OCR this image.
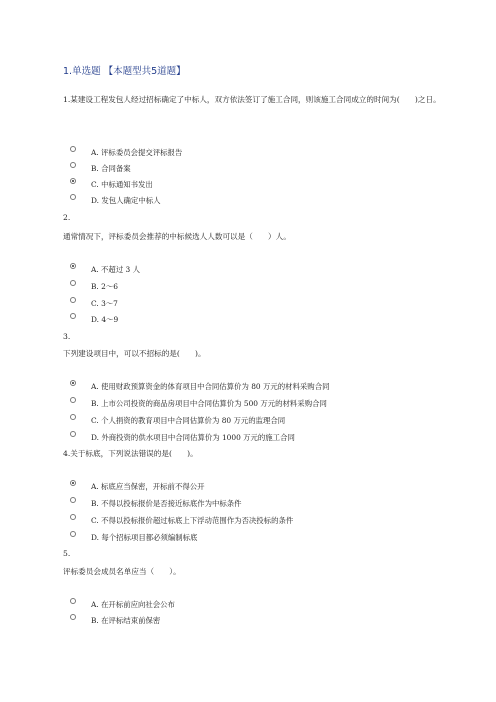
1.单选题 【本题型共5道题】
1.某建设工程发包人经过招标确定了中标人，双方依法签订了施工合同，则该施工合同成立的时间为(　　)之日。
A. 评标委员会提交评标报告
B. 合同备案
C. 中标通知书发出
D. 发包人确定中标人
2.
通常情况下，评标委员会推荐的中标候选人人数可以是（　　）人。
A. 不超过 3 人
B. 2～6
C. 3～7
D. 4～9
3.
下列建设项目中，可以不招标的是(　　)。
A. 使用财政预算资金的体育项目中合同估算价为 80 万元的材料采购合同
B. 上市公司投资的商品房项目中合同估算价为 500 万元的材料采购合同
C. 个人捐资的教育项目中合同估算价为 80 万元的监理合同
D. 外商投资的供水项目中合同估算价为 1000 万元的施工合同
4.关于标底，下列说法错误的是(　　)。
A. 标底应当保密，开标前不得公开
B. 不得以投标报价是否接近标底作为中标条件
C. 不得以投标报价超过标底上下浮动范围作为否决投标的条件
D. 每个招标项目都必须编制标底
5.
评标委员会成员名单应当（　　）。
A. 在开标前应向社会公布
B. 在评标结束前保密
